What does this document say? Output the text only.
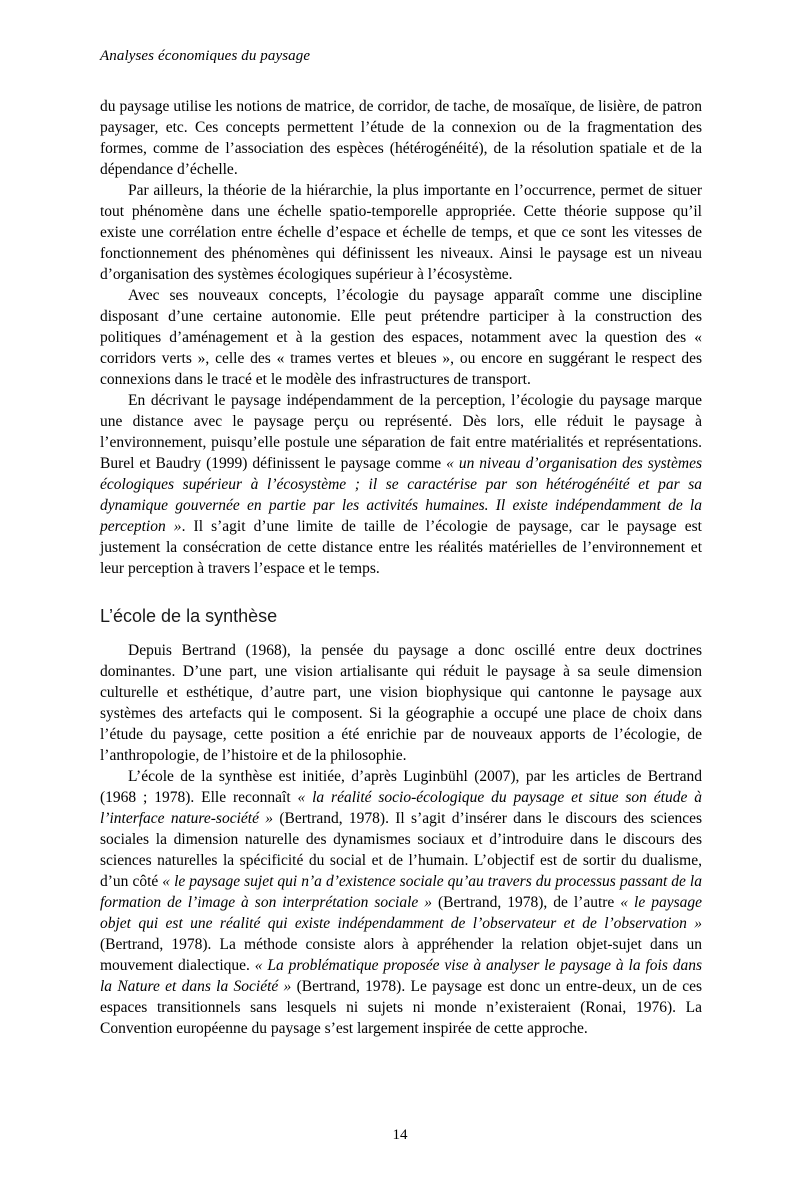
Analyses économiques du paysage

du paysage utilise les notions de matrice, de corridor, de tache, de mosaïque, de lisière, de patron paysager, etc. Ces concepts permettent l’étude de la connexion ou de la fragmentation des formes, comme de l’association des espèces (hétérogénéité), de la résolution spatiale et de la dépendance d’échelle.

Par ailleurs, la théorie de la hiérarchie, la plus importante en l’occurrence, permet de situer tout phénomène dans une échelle spatio-temporelle appropriée. Cette théorie suppose qu’il existe une corrélation entre échelle d’espace et échelle de temps, et que ce sont les vitesses de fonctionnement des phénomènes qui définissent les niveaux. Ainsi le paysage est un niveau d’organisation des systèmes écologiques supérieur à l’écosystème.

Avec ses nouveaux concepts, l’écologie du paysage apparaît comme une discipline disposant d’une certaine autonomie. Elle peut prétendre participer à la construction des politiques d’aménagement et à la gestion des espaces, notamment avec la question des « corridors verts », celle des « trames vertes et bleues », ou encore en suggérant le respect des connexions dans le tracé et le modèle des infrastructures de transport.

En décrivant le paysage indépendamment de la perception, l’écologie du paysage marque une distance avec le paysage perçu ou représenté. Dès lors, elle réduit le paysage à l’environnement, puisqu’elle postule une séparation de fait entre matérialités et représentations. Burel et Baudry (1999) définissent le paysage comme « un niveau d’organisation des systèmes écologiques supérieur à l’écosystème ; il se caractérise par son hétérogénéité et par sa dynamique gouvernée en partie par les activités humaines. Il existe indépendamment de la perception ». Il s’agit d’une limite de taille de l’écologie de paysage, car le paysage est justement la consécration de cette distance entre les réalités matérielles de l’environnement et leur perception à travers l’espace et le temps.

L’école de la synthèse

Depuis Bertrand (1968), la pensée du paysage a donc oscillé entre deux doctrines dominantes. D’une part, une vision artialisante qui réduit le paysage à sa seule dimension culturelle et esthétique, d’autre part, une vision biophysique qui cantonne le paysage aux systèmes des artefacts qui le composent. Si la géographie a occupé une place de choix dans l’étude du paysage, cette position a été enrichie par de nouveaux apports de l’écologie, de l’anthropologie, de l’histoire et de la philosophie.

L’école de la synthèse est initiée, d’après Luginbühl (2007), par les articles de Bertrand (1968 ; 1978). Elle reconnaît « la réalité socio-écologique du paysage et situe son étude à l’interface nature-société » (Bertrand, 1978). Il s’agit d’insérer dans le discours des sciences sociales la dimension naturelle des dynamismes sociaux et d’introduire dans le discours des sciences naturelles la spécificité du social et de l’humain. L’objectif est de sortir du dualisme, d’un côté « le paysage sujet qui n’a d’existence sociale qu’au travers du processus passant de la formation de l’image à son interprétation sociale » (Bertrand, 1978), de l’autre « le paysage objet qui est une réalité qui existe indépendamment de l’observateur et de l’observation » (Bertrand, 1978). La méthode consiste alors à appréhender la relation objet-sujet dans un mouvement dialectique. « La problématique proposée vise à analyser le paysage à la fois dans la Nature et dans la Société » (Bertrand, 1978). Le paysage est donc un entre-deux, un de ces espaces transitionnels sans lesquels ni sujets ni monde n’existeraient (Ronai, 1976). La Convention européenne du paysage s’est largement inspirée de cette approche.

14
